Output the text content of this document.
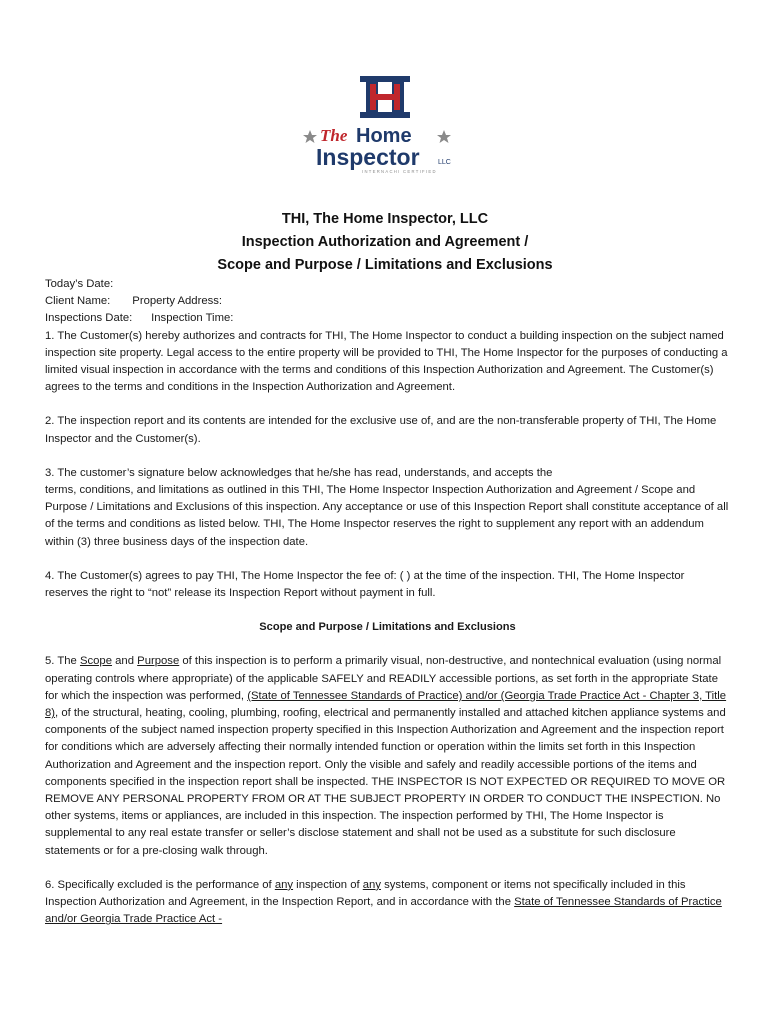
The Home
Inspector	LLC
INTERNACHI CERTIFIED
THI, The Home Inspector, LLC
Inspection Authorization and Agreement /
Scope and Purpose / Limitations and Exclusions

Today’s Date:

Client Name: Property Address:

Inspections Date: Inspection Time:

1. The Customer(s) hereby authorizes and contracts for THI, The Home Inspector to conduct a building inspection on the subject named inspection site property. Legal access to the entire property will be provided to THI, The Home Inspector for the purposes of conducting a limited visual inspection in accordance with the terms and conditions of this Inspection Authorization and Agreement. The Customer(s) agrees to the terms and conditions in the Inspection Authorization and Agreement.

2. The inspection report and its contents are intended for the exclusive use of, and are the non-transferable property of THI, The Home Inspector and the Customer(s).

3. The customer’s signature below acknowledges that he/she has read, understands, and accepts the

terms, conditions, and limitations as outlined in this THI, The Home Inspector Inspection Authorization and Agreement / Scope and Purpose / Limitations and Exclusions of this inspection. Any acceptance or use of this Inspection Report shall constitute acceptance of all of the terms and conditions as listed below. THI, The Home Inspector reserves the right to supplement any report with an addendum within (3) three business days of the inspection date.

4. The Customer(s) agrees to pay THI, The Home Inspector the fee of: ( ) at the time of the inspection. THI, The Home Inspector reserves the right to “not” release its Inspection Report without payment in full.

Scope and Purpose / Limitations and Exclusions

5. The Scope and Purpose of this inspection is to perform a primarily visual, non-destructive, and nontechnical evaluation (using normal operating controls where appropriate) of the applicable SAFELY and READILY accessible portions, as set forth in the appropriate State for which the inspection was performed, (State of Tennessee Standards of Practice) and/or (Georgia Trade Practice Act - Chapter 3, Title 8), of the structural, heating, cooling, plumbing, roofing, electrical and permanently installed and attached kitchen appliance systems and components of the subject named inspection property specified in this Inspection Authorization and Agreement and the inspection report for conditions which are adversely affecting their normally intended function or operation within the limits set forth in this Inspection Authorization and Agreement and the inspection report. Only the visible and safely and readily accessible portions of the items and components specified in the inspection report shall be inspected. THE INSPECTOR IS NOT EXPECTED OR REQUIRED TO MOVE OR REMOVE ANY PERSONAL PROPERTY FROM OR AT THE SUBJECT PROPERTY IN ORDER TO CONDUCT THE INSPECTION. No other systems, items or appliances, are included in this inspection. The inspection performed by THI, The Home Inspector is supplemental to any real estate transfer or seller’s disclose statement and shall not be used as a substitute for such disclosure statements or for a pre-closing walk through.

6. Specifically excluded is the performance of any inspection of any systems, component or items not specifically included in this Inspection Authorization and Agreement, in the Inspection Report, and in accordance with the State of Tennessee Standards of Practice and/or Georgia Trade Practice Act -
